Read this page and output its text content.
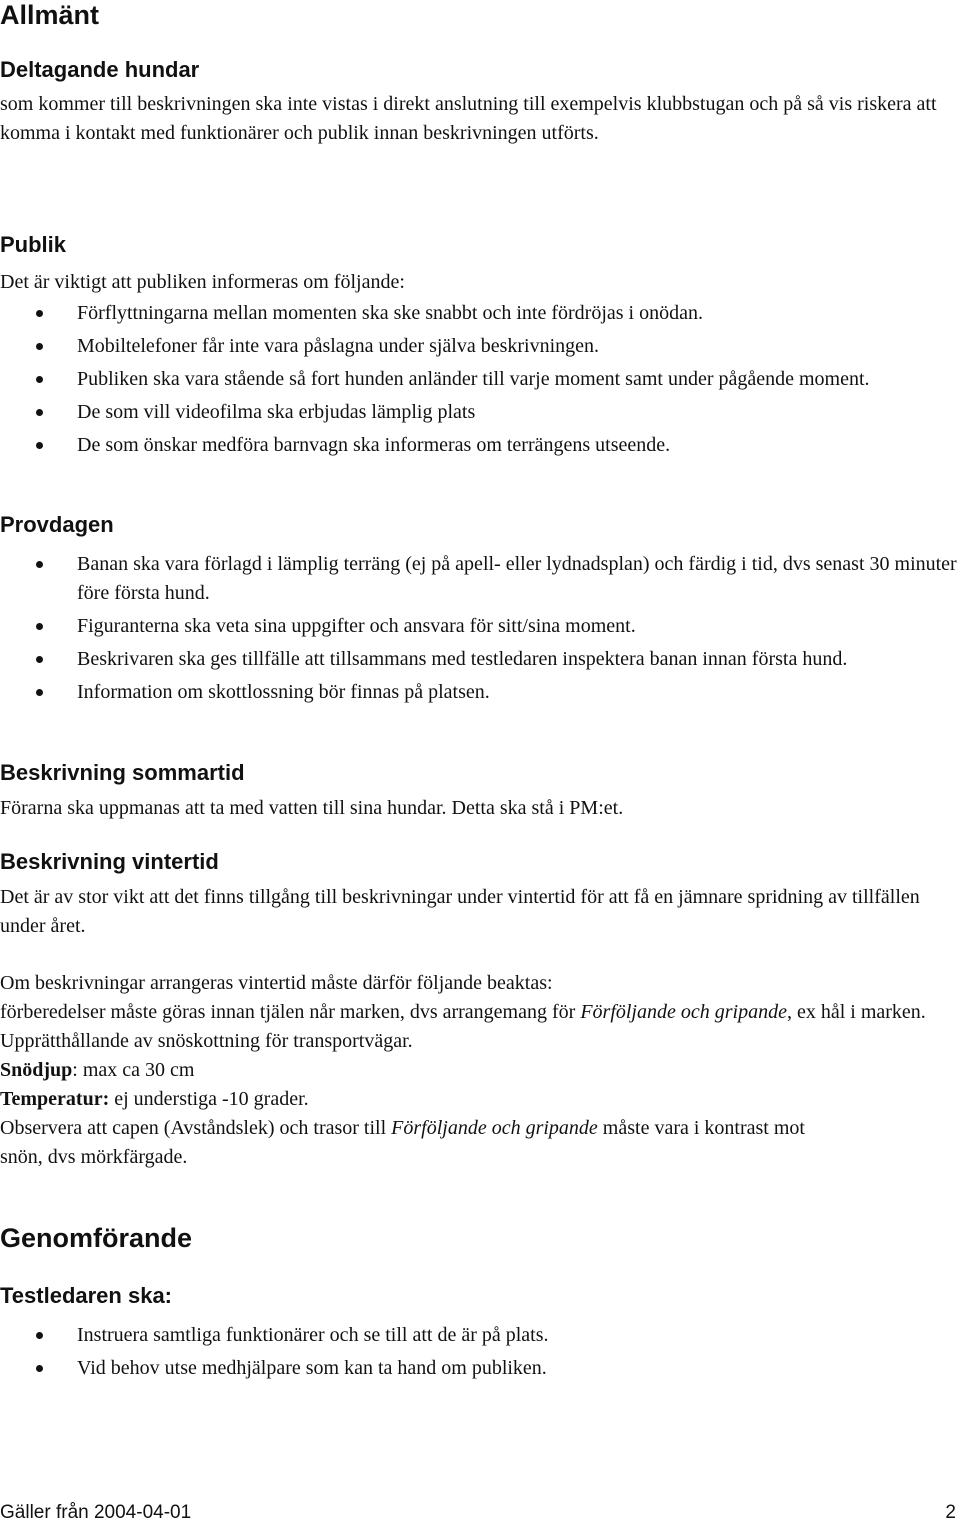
Allmänt
Deltagande hundar

som kommer till beskrivningen ska inte vistas i direkt anslutning till exempelvis klubbstugan och på så vis riskera att komma i kontakt med funktionärer och publik innan beskrivningen utförts.

Publik

Det är viktigt att publiken informeras om följande:

Förflyttningarna mellan momenten ska ske snabbt och inte fördröjas i onödan.
Mobiltelefoner får inte vara påslagna under själva beskrivningen.
Publiken ska vara stående så fort hunden anländer till varje moment samt under pågående moment.
De som vill videofilma ska erbjudas lämplig plats
De som önskar medföra barnvagn ska informeras om terrängens utseende.
Provdagen
Banan ska vara förlagd i lämplig terräng (ej på apell- eller lydnadsplan) och färdig i tid, dvs senast 30 minuter före första hund.
Figuranterna ska veta sina uppgifter och ansvara för sitt/sina moment.
Beskrivaren ska ges tillfälle att tillsammans med testledaren inspektera banan innan första hund.
Information om skottlossning bör finnas på platsen.
Beskrivning sommartid

Förarna ska uppmanas att ta med vatten till sina hundar. Detta ska stå i PM:et.

Beskrivning vintertid

Det är av stor vikt att det finns tillgång till beskrivningar under vintertid för att få en jämnare spridning av tillfällen under året.

Om beskrivningar arrangeras vintertid måste därför följande beaktas:
förberedelser måste göras innan tjälen når marken, dvs arrangemang för Förföljande och gripande, ex hål i marken. Upprätthållande av snöskottning för transportvägar.
Snödjup: max ca 30 cm
Temperatur: ej understiga -10 grader.
Observera att capen (Avståndslek) och trasor till Förföljande och gripande måste vara i kontrast mot snön, dvs mörkfärgade.
Genomförande
Testledaren ska:
Instruera samtliga funktionärer och se till att de är på plats.
Vid behov utse medhjälpare som kan ta hand om publiken.
Gäller från 2004-04-01	2
